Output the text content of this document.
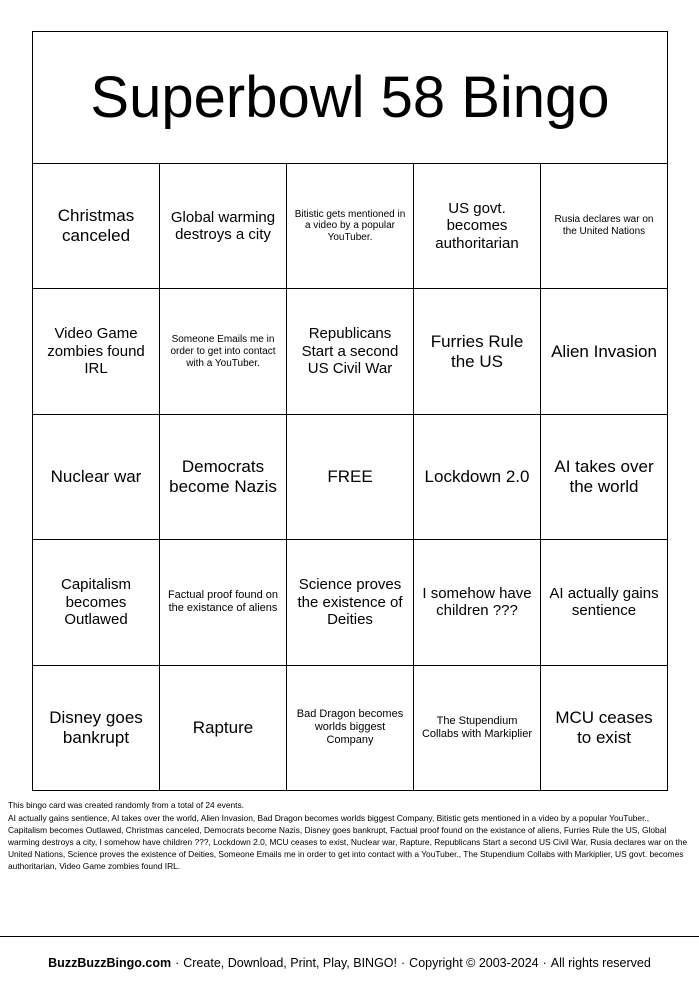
Superbowl 58 Bingo
Christmas canceled
Global warming destroys a city
Bitistic gets mentioned in a video by a popular YouTuber.
US govt. becomes authoritarian
Rusia declares war on the United Nations
Video Game zombies found IRL
Someone Emails me in order to get into contact with a YouTuber.
Republicans Start a second US Civil War
Furries Rule the US
Alien Invasion
Nuclear war
Democrats become Nazis
FREE	Lockdown 2.0
AI takes over the world
Capitalism becomes Outlawed
Factual proof found on the existance of aliens
Science proves the existence of Deities
I somehow have children ???
AI actually gains sentience
Disney goes bankrupt
Rapture
Bad Dragon becomes worlds biggest Company
The Stupendium Collabs with Markiplier
MCU ceases to exist
This bingo card was created randomly from a total of 24 events.
AI actually gains sentience, AI takes over the world, Alien Invasion, Bad Dragon becomes worlds biggest Company, Bitistic gets mentioned in a video by a popular YouTuber., Capitalism becomes Outlawed, Christmas canceled, Democrats become Nazis, Disney goes bankrupt, Factual proof found on the existance of aliens, Furries Rule the US, Global warming destroys a city, I somehow have children ???, Lockdown 2.0, MCU ceases to exist, Nuclear war, Rapture, Republicans Start a second US Civil War, Rusia declares war on the United Nations, Science proves the existence of Deities, Someone Emails me in order to get into contact with a YouTuber., The Stupendium Collabs with Markiplier, US govt. becomes authoritarian, Video Game zombies found IRL.
BuzzBuzzBingo.com · Create, Download, Print, Play, BINGO! · Copyright © 2003-2024 · All rights reserved
